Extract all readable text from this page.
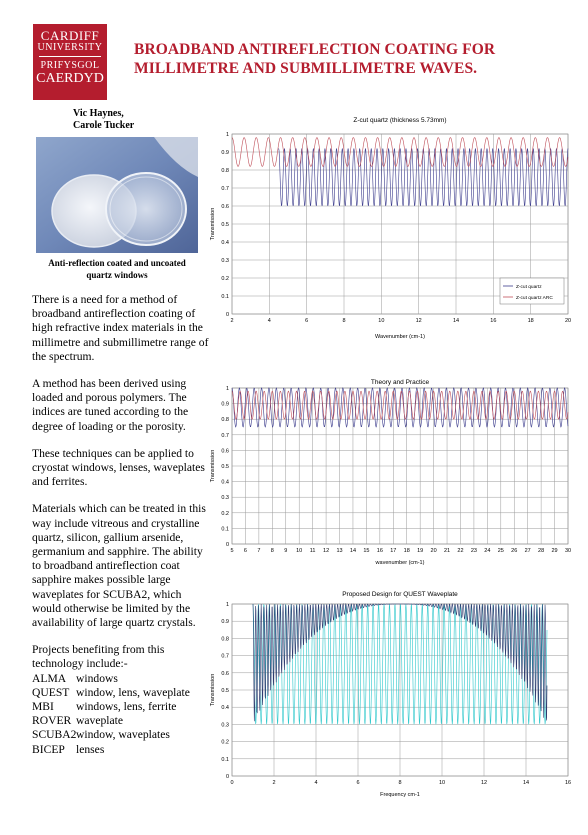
CARDIFF
UNIVERSITY
PRIFYSGOL
CAERDYD
BROADBAND ANTIREFLECTION COATING FOR
MILLIMETRE AND SUBMILLIMETRE WAVES.
Vic Haynes,
Carole Tucker
Anti-reflection coated and uncoated
quartz windows

There is a need for a method of broadband antireflection coating of high refractive index materials in the millimetre and submillimetre range of the spectrum.

A method has been derived using loaded and porous polymers. The indices are tuned according to the degree of loading or the porosity.

These techniques can be applied to cryostat windows, lenses, waveplates and ferrites.

Materials which can be treated in this way include vitreous and crystalline quartz, silicon, gallium arsenide, germanium and sapphire. The ability to broadband antireflection coat sapphire makes possible large waveplates for SCUBA2, which would otherwise be limited by the availability of large quartz crystals.

Projects benefiting from this
technology include:-
ALMA windows
QUEST window, lens, waveplate
MBI	windows, lens, ferrite
ROVER waveplate
SCUBA2 window, waveplates
BICEP lenses
Z-cut quartz (thickness 5.73mm)
2	4	6	8	10	12	14	16	18	20
0
0.1
0.2
0.3
0.4
0.5
0.6
0.7
0.8
0.9
1
Wavenumber (cm-1)
Transmission
Z-cut quartz
Z-cut quartz ARC
Theory and Practice
5 6 7 8 9 10 11 12 13 14 15 16 17 18 19 20 21 22 23 24 25 26 27 28 29 30
0
0.1
0.2
0.3
0.4
0.5
0.6
0.7
0.8
0.9
1
wavenumber (cm-1)
Transmission
Proposed Design for QUEST Waveplate
0	2	4	6	8	10	12	14	16
0
0.1
0.2
0.3
0.4
0.5
0.6
0.7
0.8
0.9
1
Frequency cm-1
Transmission
